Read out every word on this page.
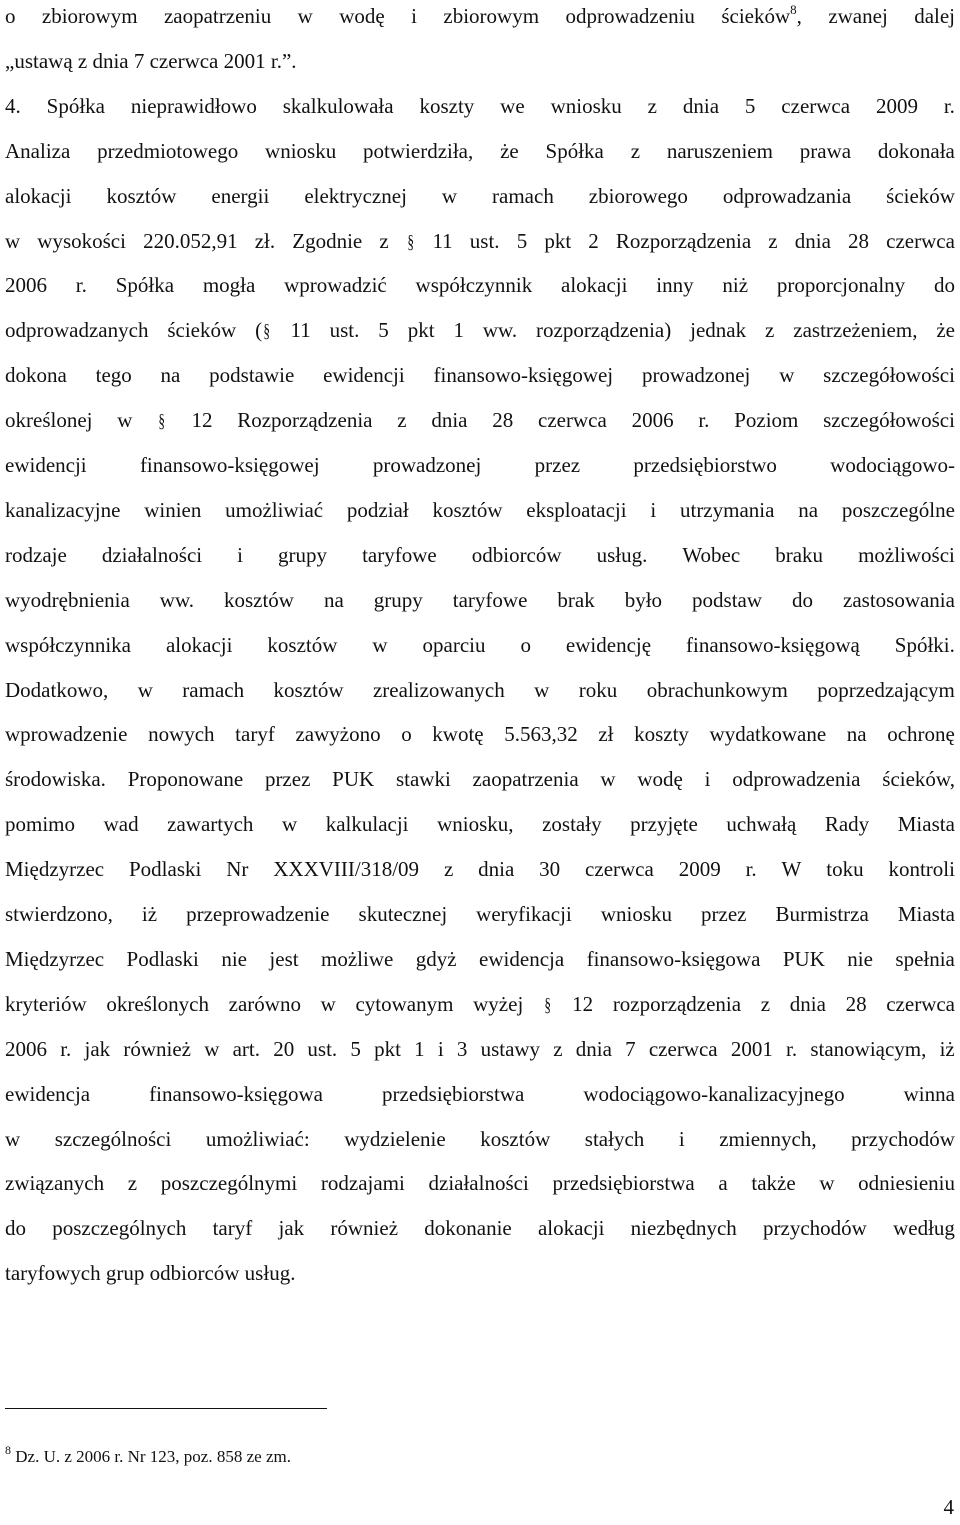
o zbiorowym zaopatrzeniu w wodę i zbiorowym odprowadzeniu ścieków$^8$, zwanej dalej
„ustawą z dnia 7 czerwca 2001 r.”.
4. Spółka nieprawidłowo skalkulowała koszty we wniosku z dnia 5 czerwca 2009 r.
Analiza przedmiotowego wniosku potwierdziła, że Spółka z naruszeniem prawa dokonała
alokacji kosztów energii elektrycznej w ramach zbiorowego odprowadzania ścieków
w wysokości 220.052,91 zł. Zgodnie z § 11 ust. 5 pkt 2 Rozporządzenia z dnia 28 czerwca
2006 r. Spółka mogła wprowadzić współczynnik alokacji inny niż proporcjonalny do
odprowadzanych ścieków (§ 11 ust. 5 pkt 1 ww. rozporządzenia) jednak z zastrzeżeniem, że
dokona tego na podstawie ewidencji finansowo-księgowej prowadzonej w szczegółowości
określonej w § 12 Rozporządzenia z dnia 28 czerwca 2006 r. Poziom szczegółowości
ewidencji	finansowo-księgowej	prowadzonej	przez	przedsiębiorstwo	wodociągowo-
kanalizacyjne winien umożliwiać podział kosztów eksploatacji i utrzymania na poszczególne
rodzaje działalności i grupy taryfowe odbiorców usług. Wobec braku możliwości
wyodrębnienia ww. kosztów na grupy taryfowe brak było podstaw do zastosowania
współczynnika alokacji kosztów w oparciu o ewidencję finansowo-księgową Spółki.
Dodatkowo, w ramach kosztów zrealizowanych w roku obrachunkowym poprzedzającym
wprowadzenie nowych taryf zawyżono o kwotę 5.563,32 zł koszty wydatkowane na ochronę
środowiska. Proponowane przez PUK stawki zaopatrzenia w wodę i odprowadzenia ścieków,
pomimo wad zawartych w kalkulacji wniosku, zostały przyjęte uchwałą Rady Miasta
Międzyrzec Podlaski Nr XXXVIII/318/09 z dnia 30 czerwca 2009 r. W toku kontroli
stwierdzono, iż przeprowadzenie skutecznej weryfikacji wniosku przez Burmistrza Miasta
Międzyrzec Podlaski nie jest możliwe gdyż ewidencja finansowo-księgowa PUK nie spełnia
kryteriów określonych zarówno w cytowanym wyżej § 12 rozporządzenia z dnia 28 czerwca
2006 r. jak również w art. 20 ust. 5 pkt 1 i 3 ustawy z dnia 7 czerwca 2001 r. stanowiącym, iż
ewidencja	finansowo-księgowa	przedsiębiorstwa	wodociągowo-kanalizacyjnego	winna
w szczególności umożliwiać: wydzielenie kosztów stałych i zmiennych, przychodów
związanych z poszczególnymi rodzajami działalności przedsiębiorstwa a także w odniesieniu
do poszczególnych taryf jak również dokonanie alokacji niezbędnych przychodów według
taryfowych grup odbiorców usług.
$^8$ Dz. U. z 2006 r. Nr 123, poz. 858 ze zm.
4
